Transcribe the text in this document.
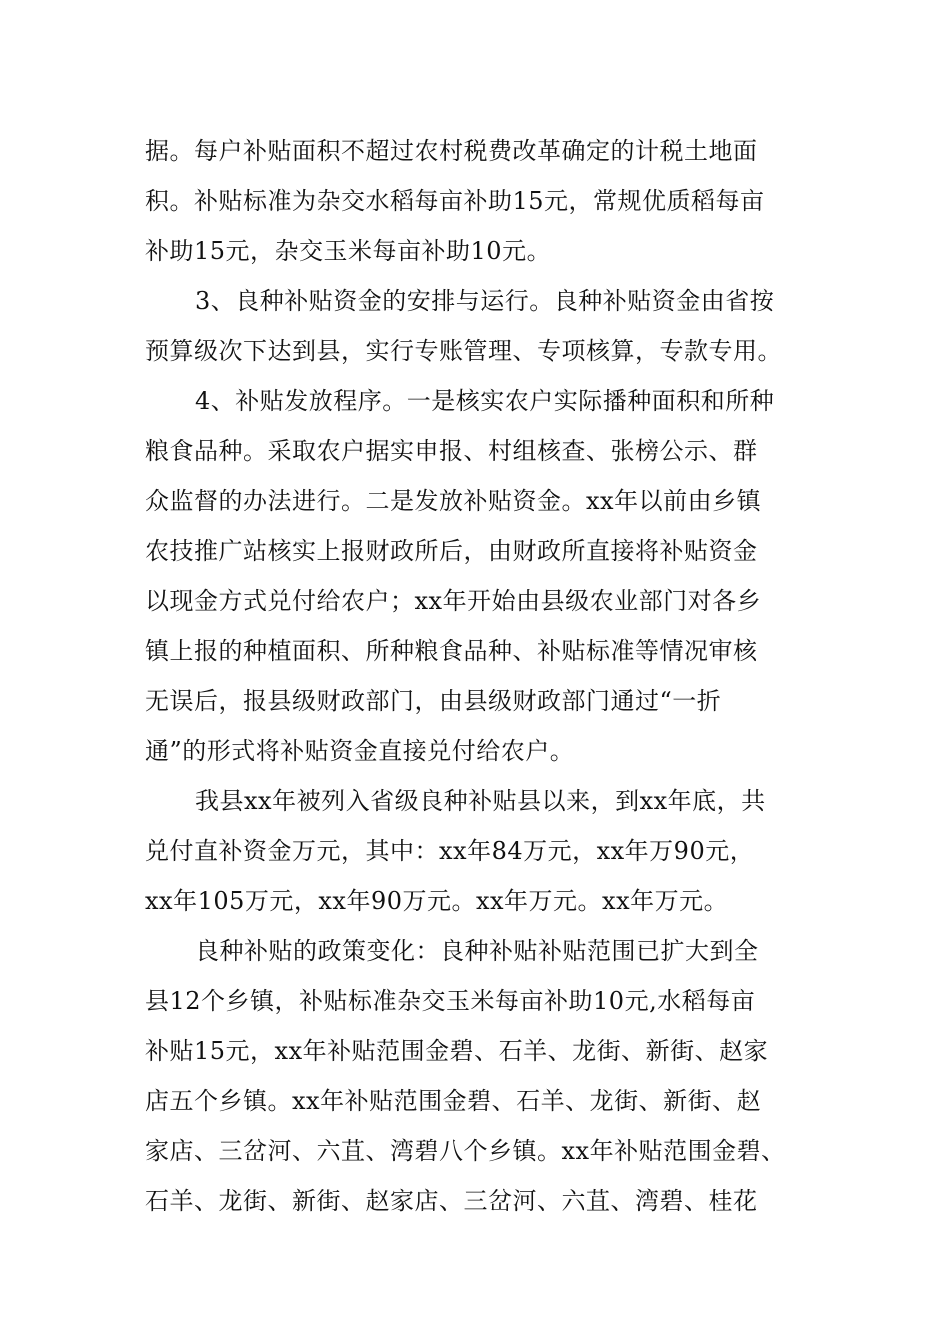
据。每户补贴面积不超过农村税费改革确定的计税土地面
积。补贴标准为杂交水稻每亩补助15元，常规优质稻每亩
补助15元，杂交玉米每亩补助10元。
3、良种补贴资金的安排与运行。良种补贴资金由省按
预算级次下达到县，实行专账管理、专项核算，专款专用。
4、补贴发放程序。一是核实农户实际播种面积和所种
粮食品种。采取农户据实申报、村组核查、张榜公示、群
众监督的办法进行。二是发放补贴资金。xx年以前由乡镇
农技推广站核实上报财政所后，由财政所直接将补贴资金
以现金方式兑付给农户；xx年开始由县级农业部门对各乡
镇上报的种植面积、所种粮食品种、补贴标准等情况审核
无误后，报县级财政部门，由县级财政部门通过“一折
通”的形式将补贴资金直接兑付给农户。
我县xx年被列入省级良种补贴县以来，到xx年底，共
兑付直补资金万元，其中：xx年84万元，xx年万90元，
xx年105万元，xx年90万元。xx年万元。xx年万元。
良种补贴的政策变化：良种补贴补贴范围已扩大到全
县12个乡镇，补贴标准杂交玉米每亩补助10元,水稻每亩
补贴15元，xx年补贴范围金碧、石羊、龙街、新街、赵家
店五个乡镇。xx年补贴范围金碧、石羊、龙街、新街、赵
家店、三岔河、六苴、湾碧八个乡镇。xx年补贴范围金碧、
石羊、龙街、新街、赵家店、三岔河、六苴、湾碧、桂花
